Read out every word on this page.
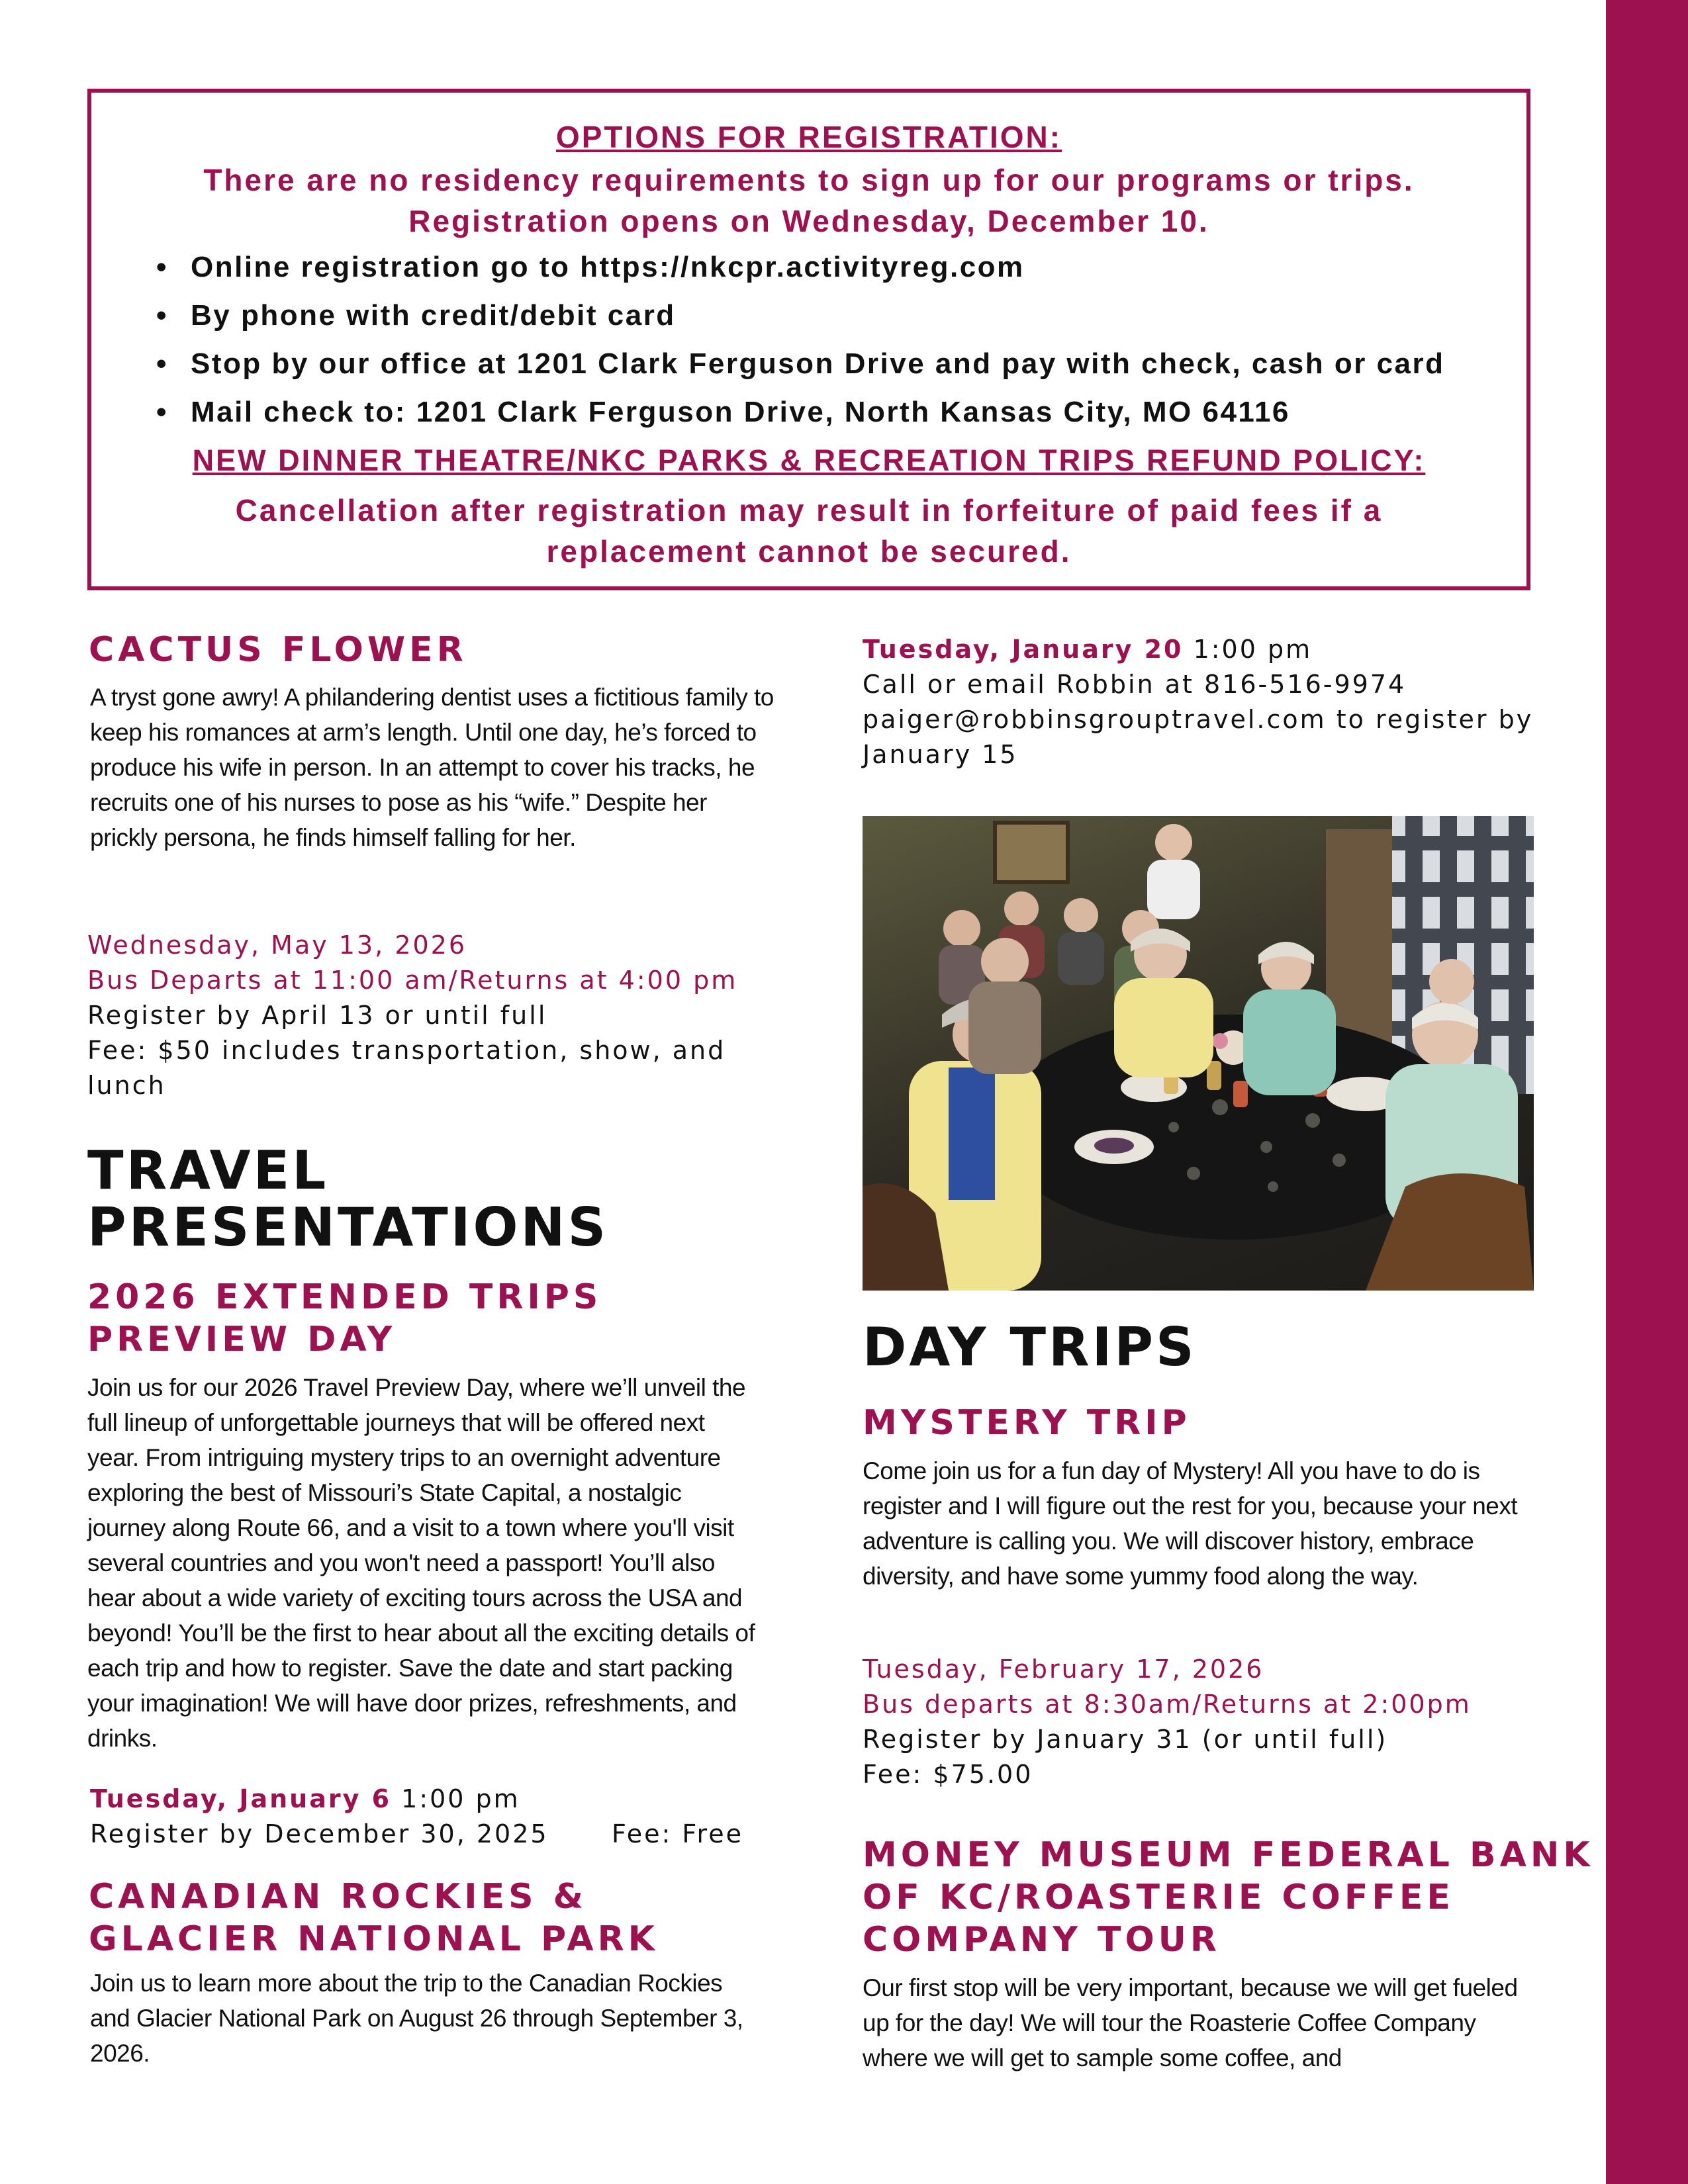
OPTIONS FOR REGISTRATION:
There are no residency requirements to sign up for our programs or trips.
Registration opens on Wednesday, December 10.
• Online registration go to https://nkcpr.activityreg.com
• By phone with credit/debit card
• Stop by our office at 1201 Clark Ferguson Drive and pay with check, cash or card
• Mail check to: 1201 Clark Ferguson Drive, North Kansas City, MO 64116
NEW DINNER THEATRE/NKC PARKS & RECREATION TRIPS REFUND POLICY:
Cancellation after registration may result in forfeiture of paid fees if a replacement cannot be secured.
CACTUS FLOWER
A tryst gone awry! A philandering dentist uses a fictitious family to keep his romances at arm’s length. Until one day, he’s forced to produce his wife in person. In an attempt to cover his tracks, he recruits one of his nurses to pose as his “wife.” Despite her prickly persona, he finds himself falling for her.
Wednesday, May 13, 2026
Bus Departs at 11:00 am/Returns at 4:00 pm
Register by April 13 or until full
Fee: $50 includes transportation, show, and lunch
TRAVEL
PRESENTATIONS
2026 EXTENDED TRIPS
PREVIEW DAY
Join us for our 2026 Travel Preview Day, where we’ll unveil the full lineup of unforgettable journeys that will be offered next year. From intriguing mystery trips to an overnight adventure exploring the best of Missouri’s State Capital, a nostalgic journey along Route 66, and a visit to a town where you'll visit several countries and you won't need a passport! You’ll also hear about a wide variety of exciting tours across the USA and beyond! You’ll be the first to hear about all the exciting details of each trip and how to register. Save the date and start packing your imagination! We will have door prizes, refreshments, and drinks.
Tuesday, January 6 1:00 pm
Register by December 30, 2025	Fee: Free
CANADIAN ROCKIES &
GLACIER NATIONAL PARK
Join us to learn more about the trip to the Canadian Rockies and Glacier National Park on August 26 through September 3, 2026.
Tuesday, January 20 1:00 pm
Call or email Robbin at 816-516-9974
paiger@robbinsgrouptravel.com to register by
January 15
DAY TRIPS
MYSTERY TRIP
Come join us for a fun day of Mystery! All you have to do is register and I will figure out the rest for you, because your next adventure is calling you. We will discover history, embrace diversity, and have some yummy food along the way.
Tuesday, February 17, 2026
Bus departs at 8:30am/Returns at 2:00pm
Register by January 31 (or until full)
Fee: $75.00
MONEY MUSEUM FEDERAL BANK
OF KC/ROASTERIE COFFEE
COMPANY TOUR
Our first stop will be very important, because we will get fueled up for the day! We will tour the Roasterie Coffee Company where we will get to sample some coffee, and
